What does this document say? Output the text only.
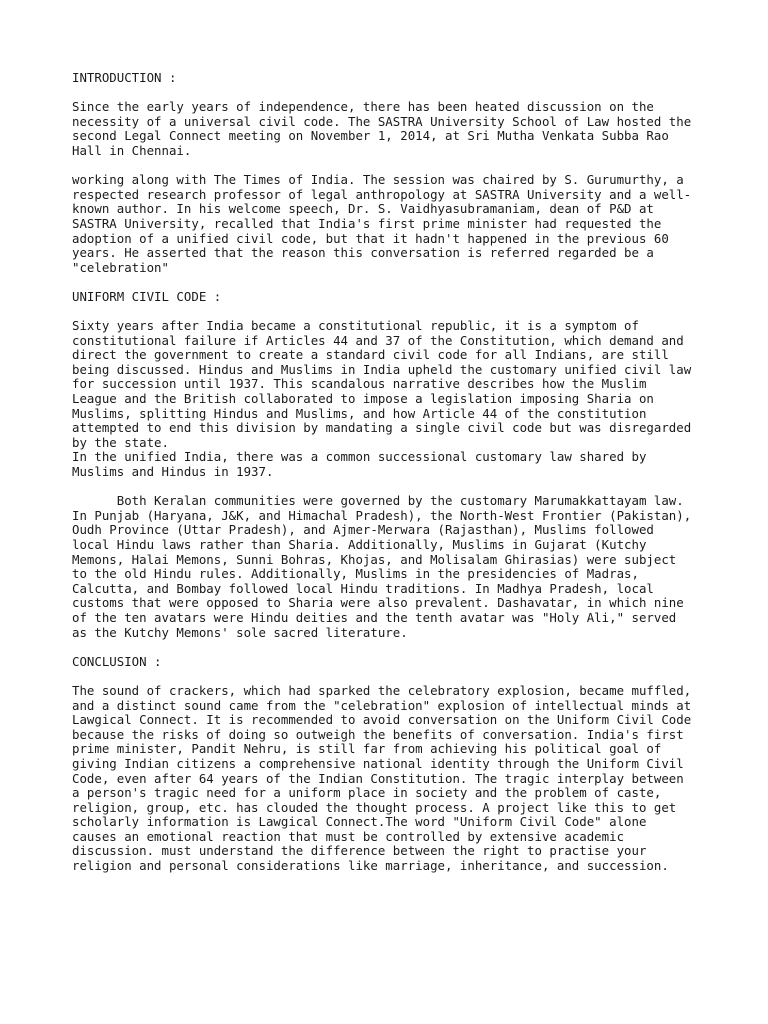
INTRODUCTION :
Since the early years of independence, there has been heated discussion on the
necessity of a universal civil code. The SASTRA University School of Law hosted the
second Legal Connect meeting on November 1, 2014, at Sri Mutha Venkata Subba Rao
Hall in Chennai.
working along with The Times of India. The session was chaired by S. Gurumurthy, a
respected research professor of legal anthropology at SASTRA University and a well-
known author. In his welcome speech, Dr. S. Vaidhyasubramaniam, dean of P&D at
SASTRA University, recalled that India's first prime minister had requested the
adoption of a unified civil code, but that it hadn't happened in the previous 60
years. He asserted that the reason this conversation is referred regarded be a
"celebration"
UNIFORM CIVIL CODE :
Sixty years after India became a constitutional republic, it is a symptom of
constitutional failure if Articles 44 and 37 of the Constitution, which demand and
direct the government to create a standard civil code for all Indians, are still
being discussed. Hindus and Muslims in India upheld the customary unified civil law
for succession until 1937. This scandalous narrative describes how the Muslim
League and the British collaborated to impose a legislation imposing Sharia on
Muslims, splitting Hindus and Muslims, and how Article 44 of the constitution
attempted to end this division by mandating a single civil code but was disregarded
by the state.
In the unified India, there was a common successional customary law shared by
Muslims and Hindus in 1937.
Both Keralan communities were governed by the customary Marumakkattayam law.
In Punjab (Haryana, J&K, and Himachal Pradesh), the North-West Frontier (Pakistan),
Oudh Province (Uttar Pradesh), and Ajmer-Merwara (Rajasthan), Muslims followed
local Hindu laws rather than Sharia. Additionally, Muslims in Gujarat (Kutchy
Memons, Halai Memons, Sunni Bohras, Khojas, and Molisalam Ghirasias) were subject
to the old Hindu rules. Additionally, Muslims in the presidencies of Madras,
Calcutta, and Bombay followed local Hindu traditions. In Madhya Pradesh, local
customs that were opposed to Sharia were also prevalent. Dashavatar, in which nine
of the ten avatars were Hindu deities and the tenth avatar was "Holy Ali," served
as the Kutchy Memons' sole sacred literature.
CONCLUSION :
The sound of crackers, which had sparked the celebratory explosion, became muffled,
and a distinct sound came from the "celebration" explosion of intellectual minds at
Lawgical Connect. It is recommended to avoid conversation on the Uniform Civil Code
because the risks of doing so outweigh the benefits of conversation. India's first
prime minister, Pandit Nehru, is still far from achieving his political goal of
giving Indian citizens a comprehensive national identity through the Uniform Civil
Code, even after 64 years of the Indian Constitution. The tragic interplay between
a person's tragic need for a uniform place in society and the problem of caste,
religion, group, etc. has clouded the thought process. A project like this to get
scholarly information is Lawgical Connect.The word "Uniform Civil Code" alone
causes an emotional reaction that must be controlled by extensive academic
discussion. must understand the difference between the right to practise your
religion and personal considerations like marriage, inheritance, and succession.
